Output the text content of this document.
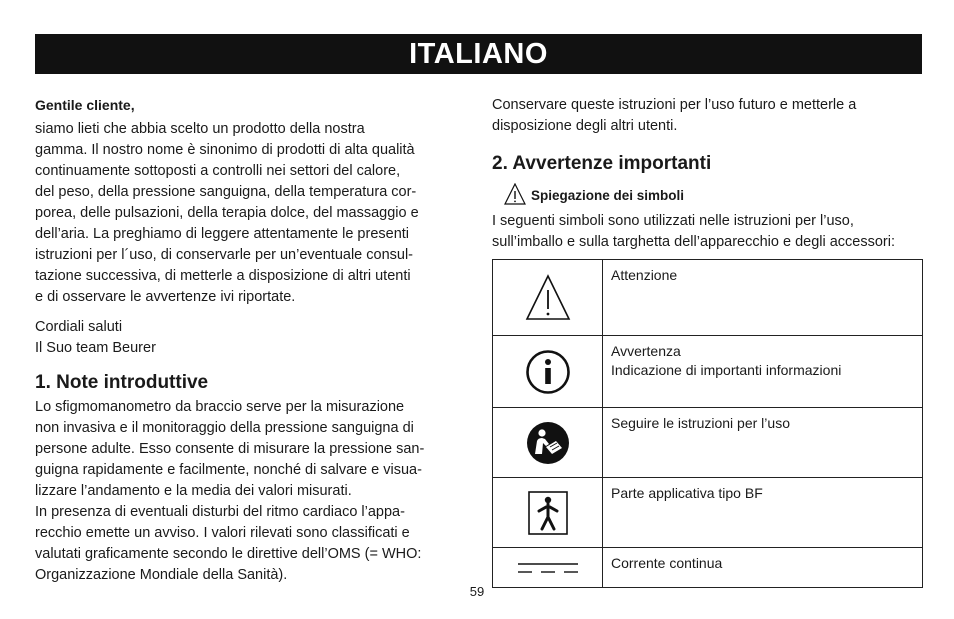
ITALIANO

Gentile cliente,

siamo lieti che abbia scelto un prodotto della nostra
gamma. Il nostro nome è sinonimo di prodotti di alta qualità
continuamente sottoposti a controlli nei settori del calore,
del peso, della pressione sanguigna, della temperatura cor-
porea, delle pulsazioni, della terapia dolce, del massaggio e
dell’aria. La preghiamo di leggere attentamente le presenti
istruzioni per l´uso, di conservarle per un’eventuale consul-
tazione successiva, di metterle a disposizione di altri utenti
e di osservare le avvertenze ivi riportate.

Cordiali saluti
Il Suo team Beurer

1. Note introduttive

Lo sfigmomanometro da braccio serve per la misurazione
non invasiva e il monitoraggio della pressione sanguigna di
persone adulte. Esso consente di misurare la pressione san-
guigna rapidamente e facilmente, nonché di salvare e visua-
lizzare l’andamento e la media dei valori misurati.
In presenza di eventuali disturbi del ritmo cardiaco l’appa-
recchio emette un avviso. I valori rilevati sono classificati e
valutati graficamente secondo le direttive dell’OMS (= WHO:
Organizzazione Mondiale della Sanità).

Conservare queste istruzioni per l’uso futuro e metterle a
disposizione degli altri utenti.

2. Avvertenze importanti
Spiegazione dei simboli

I seguenti simboli sono utilizzati nelle istruzioni per l’uso,
sull’imballo e sulla targhetta dell’apparecchio e degli accessori:

	Attenzione

	Avvertenza
Indicazione di importanti informazioni

	Seguire le istruzioni per l’uso

	Parte applicativa tipo BF

	Corrente continua
59
